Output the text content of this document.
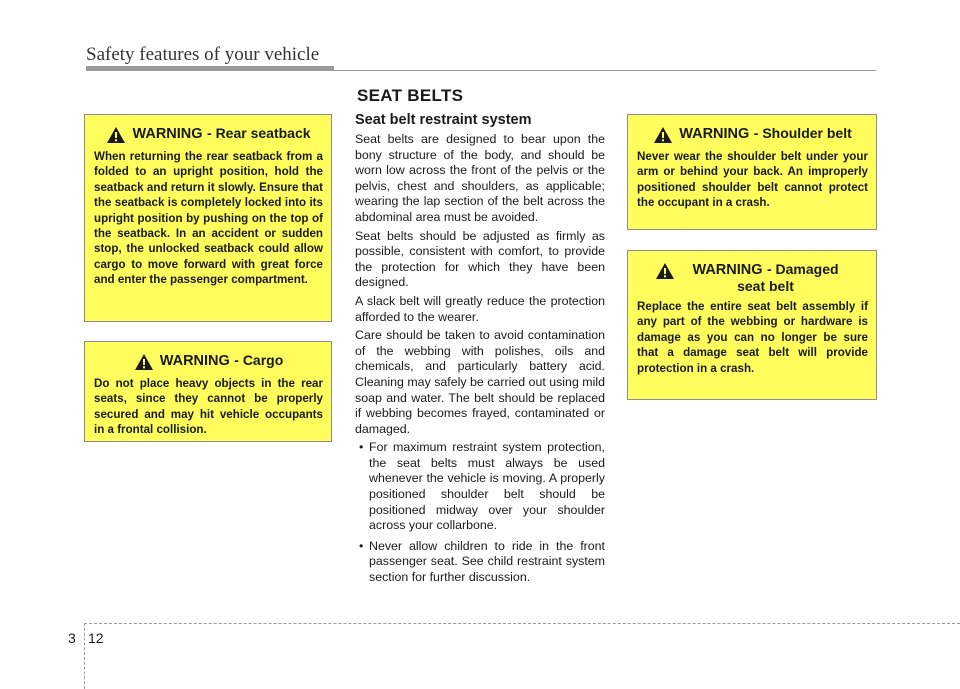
Safety features of your vehicle
SEAT BELTS
WARNING - Rear seatback
When returning the rear seatback from a folded to an upright position, hold the seatback and return it slowly. Ensure that the seatback is completely locked into its upright position by pushing on the top of the seatback. In an accident or sudden stop, the unlocked seatback could allow cargo to move forward with great force and enter the passenger compartment.
WARNING - Cargo
Do not place heavy objects in the rear seats, since they cannot be properly secured and may hit vehicle occupants in a frontal collision.
Seat belt restraint system

Seat belts are designed to bear upon the bony structure of the body, and should be worn low across the front of the pelvis or the pelvis, chest and shoulders, as applicable; wearing the lap section of the belt across the abdominal area must be avoided.

Seat belts should be adjusted as firmly as possible, consistent with comfort, to provide the protection for which they have been designed.

A slack belt will greatly reduce the protection afforded to the wearer.

Care should be taken to avoid contamination of the webbing with polishes, oils and chemicals, and particularly battery acid. Cleaning may safely be carried out using mild soap and water. The belt should be replaced if webbing becomes frayed, contaminated or damaged.

• For maximum restraint system protection, the seat belts must always be used whenever the vehicle is moving. A properly positioned shoulder belt should be positioned midway over your shoulder across your collarbone.
• Never allow children to ride in the front passenger seat. See child restraint system section for further discussion.
WARNING - Shoulder belt
Never wear the shoulder belt under your arm or behind your back. An improperly positioned shoulder belt cannot protect the occupant in a crash.
WARNING - Damaged seat belt
Replace the entire seat belt assembly if any part of the webbing or hardware is damage as you can no longer be sure that a damage seat belt will provide protection in a crash.
3 12
